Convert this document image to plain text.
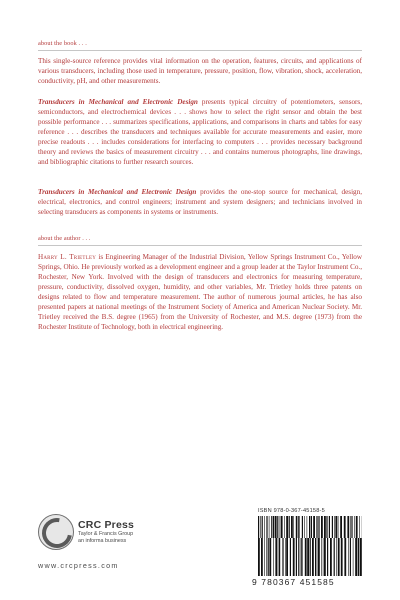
about the book . . .

This single-source reference provides vital information on the operation, features, circuits, and applications of various transducers, including those used in temperature, pressure, position, flow, vibration, shock, acceleration, conductivity, pH, and other measurements.

Transducers in Mechanical and Electronic Design presents typical circuitry of potentiometers, sensors, semiconductors, and electrochemical devices . . . shows how to select the right sensor and obtain the best possible performance . . . summarizes specifications, applications, and comparisons in charts and tables for easy reference . . . describes the transducers and techniques available for accurate measurements and easier, more precise readouts . . . includes considerations for interfacing to computers . . . provides necessary background theory and reviews the basics of measurement circuitry . . . and contains numerous photographs, line drawings, and bibliographic citations to further research sources.

Transducers in Mechanical and Electronic Design provides the one-stop source for mechanical, design, electrical, electronics, and control engineers; instrument and system designers; and technicians involved in selecting transducers as components in systems or instruments.

about the author . . .

Harry L. Trietley is Engineering Manager of the Industrial Division, Yellow Springs Instrument Co., Yellow Springs, Ohio. He previously worked as a development engineer and a group leader at the Taylor Instrument Co., Rochester, New York. Involved with the design of transducers and electronics for measuring temperature, pressure, conductivity, dissolved oxygen, humidity, and other variables, Mr. Trietley holds three patents on designs related to flow and temperature measurement. The author of numerous journal articles, he has also presented papers at national meetings of the Instrument Society of America and American Nuclear Society. Mr. Trietley received the B.S. degree (1965) from the University of Rochester, and M.S. degree (1973) from the Rochester Institute of Technology, both in electrical engineering.

CRC Press
Taylor & Francis Group
an informa business
www.crcpress.com
ISBN 978-0-367-45158-5
9 780367 451585
